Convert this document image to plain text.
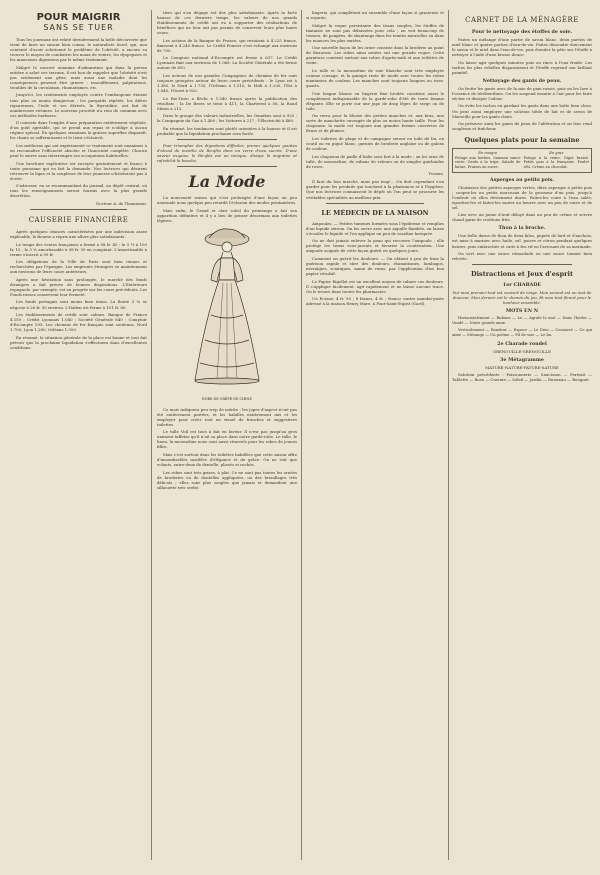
POUR MAIGRIR
SANS SE TUER

Tous les journaux ont relaté dernièrement la belle découverte que vient de faire un savant bien connu, le naturaliste Sorel, qui, non contenté d'avoir solutionné le problème de l'obésité, a encore su trouver le moyen de combattre les maux de ventre, les dyspepsies et les mauvaises digestions par le même traitement.

Malgré le concert unanime d'admiration qui dans la presse entière a salué ces travaux, il est bon de rappeler que l'obésité n'est pas seulement une gêne, mais aussi une maladie dont les conséquences peuvent être graves : essoufflement, palpitations, troubles de la circulation, rhumatismes, etc.

Jusqu'ici, les traitements employés contre l'embonpoint étaient tous plus ou moins dangereux ; les purgatifs répétés, les diètes rigoureuses, l'iode et ses dérivés, la thyroïdine, ont fait de nombreuses victimes. Le nouveau procédé n'a rien de commun avec ces méthodes barbares.

Il consiste dans l'emploi d'une préparation entièrement végétale, d'un goût agréable, qui se prend aux repas et n'oblige à aucun régime spécial. En quelques semaines la graisse superflue disparaît, les chairs se raffermissent et le teint s'éclaircit.

Les médecins qui ont expérimenté ce traitement sont unanimes à en reconnaître l'efficacité absolue et l'innocuité complète. Chacun peut le suivre sans interrompre ses occupations habituelles.

Une brochure explicative est envoyée gratuitement et franco à toute personne qui en fait la demande. Nos lectrices qui désirent retrouver la ligne et la souplesse de leur jeunesse n'hésiteront pas à écrire.

S'adresser, en se recommandant du journal, au dépôt central, où tous les renseignements seront fournis avec la plus grande discrétion.

Docteur A. de Thomassin.
CAUSERIE FINANCIÈRE

Après quelques séances caractérisées par une indécision assez explicable, la Bourse a repris une allure plus satisfaisante.

Le temps des ventes françaises a fermé à 98 fr. 40 ; le 3 ½ à 100 fr. 15 ; le 3 % amortissable à 98 fr. 30 en comptant. L'amortissable à terme s'inscrit à 99 fr.

Les obligations de la Ville de Paris sont bien tenues et recherchées par l'épargne. Les emprunts étrangers se maintiennent aux environs de leurs cours antérieurs.

Après une hésitation sans prolongée, le marché des fonds étrangers a fait preuve de bonnes dispositions. L'Extérieure espagnole, par exemple, est en progrès sur les cours précédents. Les Fonds russes conservent leur fermeté.

Les fonds portugais sont moins bien tenus. La Rente 3 % se négocie à 26 fr. 50 environ. L'Italien est ferme à 101 fr. 80.

Les établissements de crédit sont calmes. Banque de France 4.150 ; Crédit Lyonnais 1.040 ; Société Générale 640 ; Comptoir d'Escompte 595. Les chemins de fer français sont soutenus, Nord 1.700, Lyon 1.280, Orléans 1.500.

En résumé, la situation générale de la place est bonne et tout fait prévoir que la prochaine liquidation s'effectuera dans d'excellentes conditions.

tiers qui s'en dégage est des plus satisfaisants. Après la forte hausse de ces derniers temps, les valeurs de nos grands établissements de crédit ont eu à supporter des réalisations de bénéfices qui ne leur ont pas permis de conserver leurs plus hauts cours.

Les actions de la Banque de France, qui restaient à 4.225 francs, finissent à 4.240 francs. Le Crédit Foncier s'est échangé aux environs de 700.

Le Comptoir national d'Escompte est ferme à 637. Le Crédit Lyonnais finit aux environs de 1.068. La Société Générale a été ferme autour de 650.

Les actions de nos grandes Compagnies de chemins de fer sont toujours groupées autour de leurs cours précédents : le Lyon est à 1.380, le Nord à 1.730, l'Orléans à 1.510, le Midi à 1.200, l'Est à 1.040, l'Ouest à 920.

Le Rio-Tinto a fléchi à 1.540 francs après la publication des résultats ; la De Beers se tient à 411, la Chartered à 56, la Rand Mines à 215.

Dans le groupe des valeurs industrielles, les Omnibus sont à 920 ; la Compagnie du Gaz à 1.460 ; les Voitures à 217 ; l'Électricité à 460.

En résumé, les tendances sont plutôt orientées à la hausse et il est probable que la liquidation prochaine sera facile.

Pour triompher des digestions difficiles, prenez quelques gouttes d'alcool de menthe de Ricqlès dans un verre d'eau sucrée. D'une saveur exquise, le Ricqlès est un tonique, dissipe la migraine et rafraîchit la bouche.

La Mode

La nouveauté saison qui s'est prolongée d'une façon un peu anormale nous quelque peu retardé l'éclosion des modes printanières.

Mais enfin, le Grand et clair soleil du printemps a fait son apparition définitive et il y a lieu de penser désormais aux toilettes légères.

ROBE DE CRÊPE DE CHINE

Ce mois indiquera peu trop de mérite ; les jupes d'aspect n'ont pas été entièrement portées, et les habilles entièrement mis et les employer pour créer tout un visuel de franches et suggestives toilettes.

Le tulle Voil est tous à fait en faveur. Il n'est pas jusqu'au gros uniment taffetas qu'il n'ait sa place dans notre garde-robe. Le tulle, le linon, la mousseline nous sont aussi réservés pour les robes de jeunes filles.

Mais c'est surtout dans les toilettes habillées que cette saison offre d'innombrables modèles d'élégance et de grâce. On ne voit que volants, entre-deux de dentelle, plissés et ruchés.

Les robes sont très grises, à plat. Ce ne sont pas toutes les ornées de broderies ou de dentelles appliquées, ou des brouillages très délicats ; elles sont plus souples que jamais et demandent une silhouette très svelte.

lingerie, qui complètent un ensemble d'une façon si gracieuse et si seyante.

Malgré la vogue persistante des tissus souples, les étoffes de fantaisie ne sont pas délaissées pour cela ; on voit beaucoup de tussors, de pongées, de shantungs dans les teintes naturelles ou dans les nuances les plus variées.

Une nouvelle façon de les orner consiste dans la broderie au point de Beauvais. Les robes ainsi ornées ont une grande vogue. Cette garniture convient surtout aux robes d'après-midi et aux toilettes de visite.

Le tulle et la mousseline de soie blanche sont très employés comme corsage, et la guimpe reste de mode avec toutes les robes montantes de couleur. Les manches sont toujours longues ou trois-quarts.

Une longue blouse en lingerie fine brodée constitue aussi le complément indispensable de la garde-robe d'été de toute femme élégante. Elle se porte sur une jupe de drap léger, de serge ou de toile.

On verra pour la blouse des petites manches et, aux bras, une sorte de manchette ouvragée de plus ou moins haute taille. Pour les chapeaux, la mode est toujours aux grandes formes couvertes de fleurs et de plumes.

Les toilettes de plage et de campagne seront en toile de lin, en coutil ou en piqué blanc, garnies de broderie anglaise ou de galons de couleur.

Les chapeaux de paille d'Italie sont fort à la mode ; on les orne de tulle, de mousseline, de rubans de velours ou de simples guirlandes de roses.

Yvonne.

Il faut du bon marché, mais pas trop!... On doit cependant s'en garder pour les produits qui touchent à la pharmacie et à l'hygiène. Que nos lectrices connaissent le dépôt où l'on peut se procurer les véritables spécialités au meilleur prix.

LE MÉDECIN DE LA MAISON

Ampoules. — Petites tumeurs formées sous l'épiderme et remplies d'un liquide séreux. On les ouvre avec une aiguille flambée, on laisse s'écouler le liquide et l'on applique un peu de vaseline boriquée.

On ne doit jamais enlever la peau qui recouvre l'ampoule ; elle protège les tissus sous-jacents et favorise la cicatrisation. Une ampoule soignée de cette façon guérit en quelques jours.

Comment on guérit les douleurs. — On obtient à peu de frais la guérison rapide et sûre des douleurs, rhumatismes, lumbagos, névralgies, sciatiques, maux de reins, par l'application d'un bon papier révulsif.

Le Papier Rigollot est un excellent moyen de calmer ces douleurs. Il s'applique facilement, agit rapidement et ne laisse aucune trace. On le trouve dans toutes les pharmacies.

Un Ecrase, 4 fr. 50 ; 8 francs, 4 fr. ; franco contre mandat-poste adressé à la maison Henry Mure, à Pont-Saint-Esprit (Gard).

CARNET DE LA MÉNAGÈRE
Pour le nettoyage des étoffes de soie.

Faites un mélange d'une partie de savon blanc, deux parties de miel blanc et quatre parties d'eau-de-vie. Faites dissoudre doucement le savon et le miel dans l'eau-de-vie, puis étendez la pâte sur l'étoffe à nettoyer à l'aide d'une brosse douce.

On laisse agir quelques minutes puis on rince à l'eau froide. Les taches les plus rebelles disparaissent et l'étoffe reprend son brillant primitif.

Nettoyage des gants de peau.

On frotte les gants avec de la mie de pain rassie, puis on les lave à l'essence de térébenthine. On les suspend ensuite à l'air pour les faire sécher et dissiper l'odeur.

On évite les taches en gardant les gants dans une boîte bien close. On peut aussi employer une solution tiède de lait et de savon de Marseille pour les gants clairs.

On préserve ainsi les gants de peau de l'altération et on leur rend souplesse et fraîcheur.

Quelques plats pour la semaine
En maigre
Potage aux herbes. Saumon sauce verte. Oeufs à la tripe. Salade de laitue. Fraises au sucre.
En gras
Potage à la reine. Gigot braisé. Petits pois à la française. Poulet rôti. Crème au chocolat.
Asperges au petits pois.

Choisissez des petites asperges vertes, dites asperges à petits pois ; coupez-les en petits morceaux de la grosseur d'un pois, jusqu'à l'endroit où elles deviennent dures. Faites-les cuire à l'eau salée, égouttez-les et faites-les sauter au beurre avec un peu de sucre et de sel.

Liez avec un jaune d'œuf délayé dans un peu de crème et servez chaud garni de croûtons frits.

Thon à la broche.

Une belle darne de thon de deux kilos, piquée de lard et d'anchois, est mise à mariner avec huile, sel, poivre et citron pendant quelques heures, puis embrochée et cuite à feu vif en l'arrosant de sa marinade.

On sert avec une sauce rémoulade ou une sauce tomate bien relevée.

Distractions et Jeux d'esprit
1er CHARADE

Sur mon premier tout est couvert de neige, Mon second est un mot de douceur, Mon dernier est le chemin du jeu, Et mon tout fleurit pour le bonheur ensemble.

MOTS EN N

Horizontalement — Rubans — Le — Agrafe le mot — Dans l'herbe — Vaudé — Notre grande amie.

Verticalement — Rondeur — Espace — Le Dieu — Consacré — Ce qui aime — Mésange — Un poème — Fil de soie — Le lin.

2e Charade rondel

GRENOUILLE-GRENOUILLE

3e Métagramme

MATURE-NATURE-PATURE-SATURE

Solution précédente : Poissonnerie — Saucisson — Portrait — Tablette — Rose — Cravate — Soleil — Jardin — Ruisseau — Bouquet.
